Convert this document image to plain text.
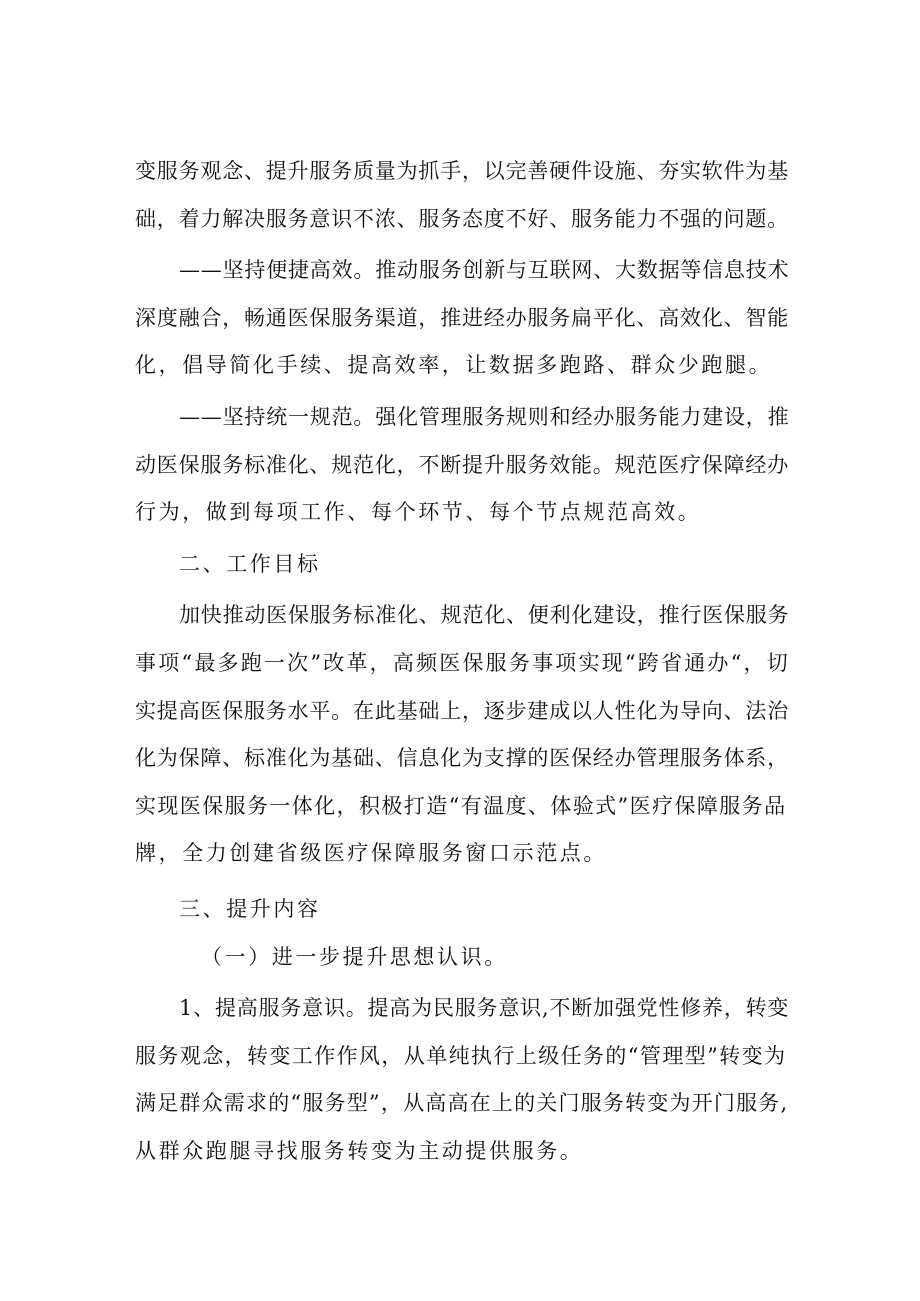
变服务观念、提升服务质量为抓手，以完善硬件设施、夯实软件为基
础，着力解决服务意识不浓、服务态度不好、服务能力不强的问题。

——坚持便捷高效。推动服务创新与互联网、大数据等信息技术
深度融合，畅通医保服务渠道，推进经办服务扁平化、高效化、智能
化，倡导简化手续、提高效率，让数据多跑路、群众少跑腿。

——坚持统一规范。强化管理服务规则和经办服务能力建设，推
动医保服务标准化、规范化，不断提升服务效能。规范医疗保障经办
行为，做到每项工作、每个环节、每个节点规范高效。

二、工作目标

加快推动医保服务标准化、规范化、便利化建设，推行医保服务
事项“最多跑一次”改革，高频医保服务事项实现“跨省通办“，切
实提高医保服务水平。在此基础上，逐步建成以人性化为导向、法治
化为保障、标准化为基础、信息化为支撑的医保经办管理服务体系，
实现医保服务一体化，积极打造“有温度、体验式”医疗保障服务品
牌，全力创建省级医疗保障服务窗口示范点。

三、提升内容

（一）进一步提升思想认识。

1、提高服务意识。提高为民服务意识,不断加强党性修养，转变
服务观念，转变工作作风，从单纯执行上级任务的“管理型”转变为
满足群众需求的“服务型”，从高高在上的关门服务转变为开门服务,
从群众跑腿寻找服务转变为主动提供服务。
